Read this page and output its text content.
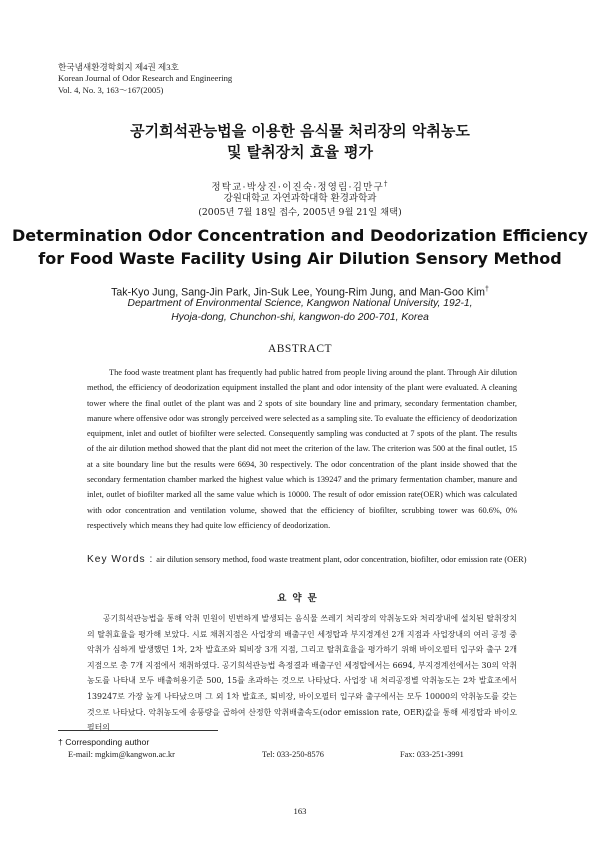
한국냄새환경학회지 제4권 제3호
Korean Journal of Odor Research and Engineering
Vol. 4, No. 3, 163～167(2005)
공기희석관능법을 이용한 음식물 처리장의 악취농도
및 탈취장치 효율 평가
정탁교·박상진·이진숙·정영림·김만구†
강원대학교 자연과학대학 환경과학과
(2005년 7월 18일 접수, 2005년 9월 21일 채택)
Determination Odor Concentration and Deodorization Efficiency
for Food Waste Facility Using Air Dilution Sensory Method
Tak-Kyo Jung, Sang-Jin Park, Jin-Suk Lee, Young-Rim Jung, and Man-Goo Kim†
Department of Environmental Science, Kangwon National University, 192-1,
Hyoja-dong, Chunchon-shi, kangwon-do 200-701, Korea
ABSTRACT

The food waste treatment plant has frequently had public hatred from people living around the plant. Through Air dilution method, the efficiency of deodorization equipment installed the plant and odor intensity of the plant were evaluated. A cleaning tower where the final outlet of the plant was and 2 spots of site boundary line and primary, secondary fermentation chamber, manure where offensive odor was strongly perceived were selected as a sampling site. To evaluate the efficiency of deodorization equipment, inlet and outlet of biofilter were selected. Consequently sampling was conducted at 7 spots of the plant. The results of the air dilution method showed that the plant did not meet the criterion of the law. The criterion was 500 at the final outlet, 15 at a site boundary line but the results were 6694, 30 respectively. The odor concentration of the plant inside showed that the secondary fermentation chamber marked the highest value which is 139247 and the primary fermentation chamber, manure and inlet, outlet of biofilter marked all the same value which is 10000. The result of odor emission rate(OER) which was calculated with odor concentration and ventilation volume, showed that the efficiency of biofilter, scrubbing tower was 60.6%, 0% respectively which means they had quite low efficiency of deodorization.

Key Words : air dilution sensory method, food waste treatment plant, odor concentration, biofilter, odor emission rate (OER)
요약문

공기희석관능법을 통해 악취 민원이 빈번하게 발생되는 음식물 쓰레기 처리장의 악취농도와 처리장내에 설치된 탈취장치의 탈취효율을 평가해 보았다. 시료 채취지점은 사업장의 배출구인 세정탑과 부지경계선 2개 지점과 사업장내의 여러 공정 중 악취가 심하게 발생했던 1차, 2차 발효조와 퇴비장 3개 지점, 그리고 탈취효율을 평가하기 위해 바이오필터 입구와 출구 2개 지점으로 총 7개 지점에서 채취하였다. 공기희석관능법 측정결과 배출구인 세정탑에서는 6694, 부지경계선에서는 30의 악취농도를 나타내 모두 배출허용기준 500, 15를 초과하는 것으로 나타났다. 사업장 내 처리공정별 악취농도는 2차 발효조에서 139247로 가장 높게 나타났으며 그 외 1차 발효조, 퇴비장, 바이오필터 입구와 출구에서는 모두 10000의 악취농도를 갖는 것으로 나타났다. 악취농도에 송풍량을 곱하여 산정한 악취배출속도(odor emission rate, OER)값을 통해 세정탑과 바이오필터의

† Corresponding author
E-mail: mgkim@kangwon.ac.kr	Tel: 033-250-8576	Fax: 033-251-3991
163
